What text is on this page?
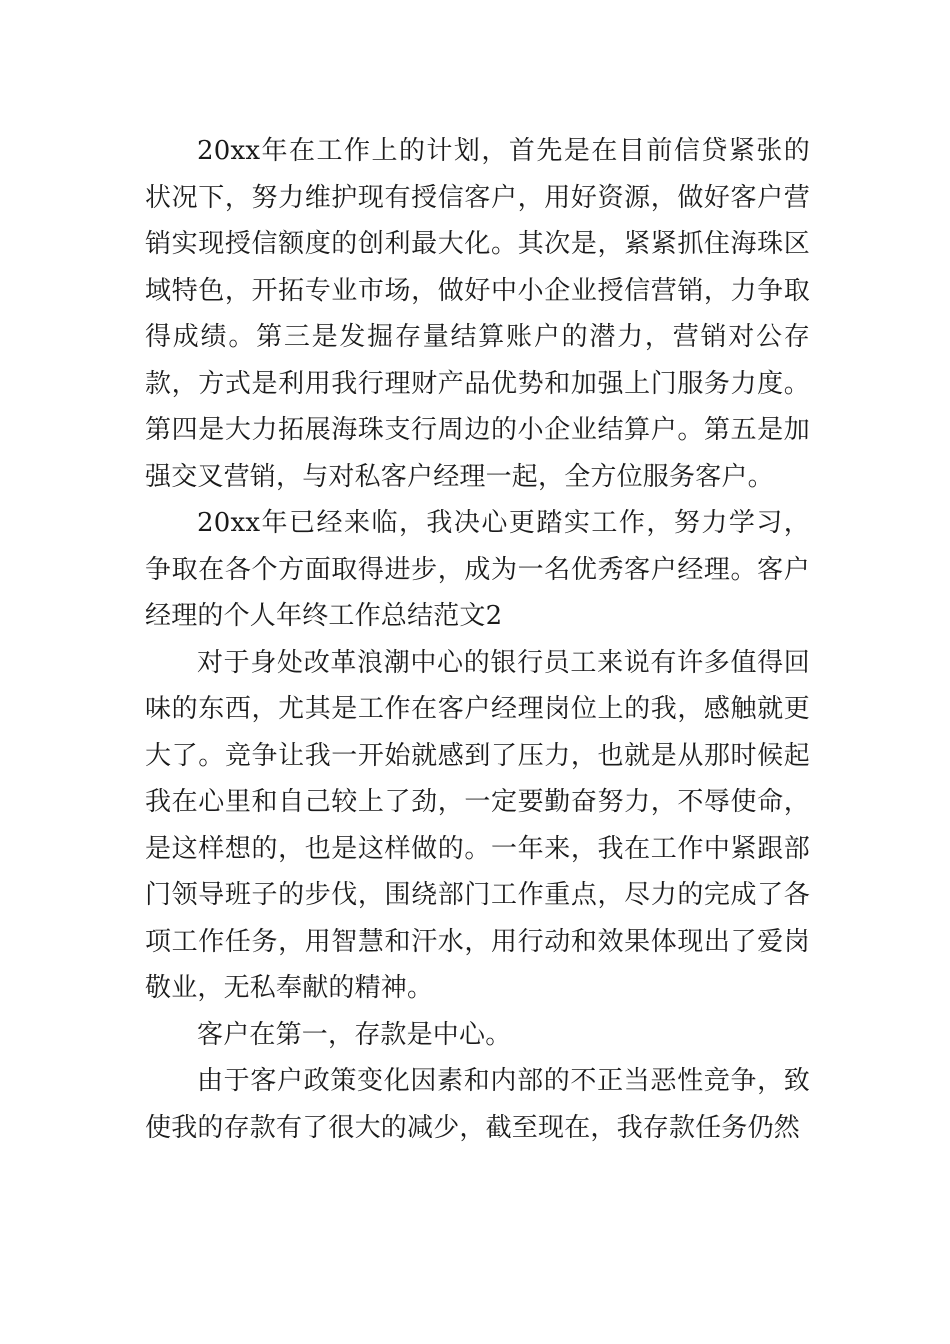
20xx年在工作上的计划，首先是在目前信贷紧张的状况下，努力维护现有授信客户，用好资源，做好客户营销实现授信额度的创利最大化。其次是，紧紧抓住海珠区域特色，开拓专业市场，做好中小企业授信营销，力争取得成绩。第三是发掘存量结算账户的潜力，营销对公存款，方式是利用我行理财产品优势和加强上门服务力度。第四是大力拓展海珠支行周边的小企业结算户。第五是加强交叉营销，与对私客户经理一起，全方位服务客户。

20xx年已经来临，我决心更踏实工作，努力学习，争取在各个方面取得进步，成为一名优秀客户经理。客户经理的个人年终工作总结范文2

对于身处改革浪潮中心的银行员工来说有许多值得回味的东西，尤其是工作在客户经理岗位上的我，感触就更大了。竞争让我一开始就感到了压力，也就是从那时候起我在心里和自己较上了劲，一定要勤奋努力，不辱使命，是这样想的，也是这样做的。一年来，我在工作中紧跟部门领导班子的步伐，围绕部门工作重点，尽力的完成了各项工作任务，用智慧和汗水，用行动和效果体现出了爱岗敬业，无私奉献的精神。

客户在第一，存款是中心。

由于客户政策变化因素和内部的不正当恶性竞争，致使我的存款有了很大的减少，截至现在，我存款任务仍然
